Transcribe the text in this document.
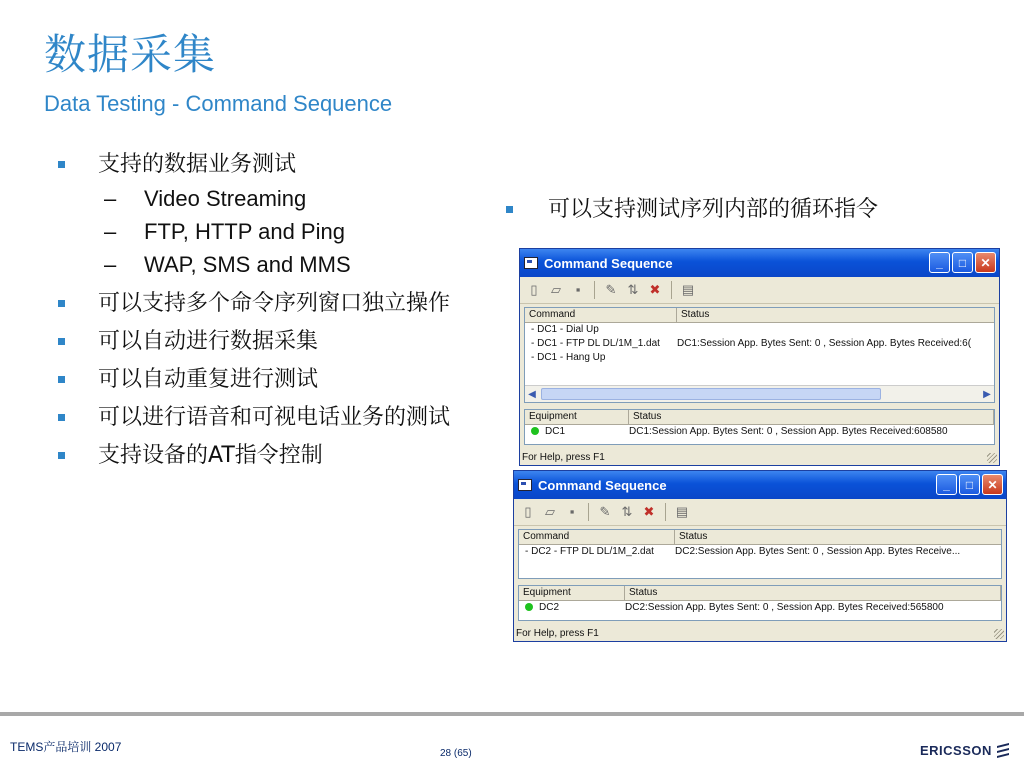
数据采集
Data Testing - Command Sequence
支持的数据业务测试
– Video Streaming
– FTP, HTTP and Ping
– WAP, SMS and MMS
可以支持多个命令序列窗口独立操作
可以自动进行数据采集
可以自动重复进行测试
可以进行语音和可视电话业务的测试
支持设备的AT指令控制
可以支持测试序列内部的循环指令
Command Sequence	_	□	✕
▯	▱	▪	✎ ⇅ ✖ ▤
Command	Status
- DC1 - Dial Up
- DC1 - FTP DL DL/1M_1.dat	DC1:Session App. Bytes Sent: 0 , Session App. Bytes Received:6(
- DC1 - Hang Up
◀	▶
Equipment	Status
DC1	DC1:Session App. Bytes Sent: 0 , Session App. Bytes Received:608580
For Help, press F1
Command Sequence	_	□	✕
▯	▱	▪	✎ ⇅ ✖ ▤
Command	Status
- DC2 - FTP DL DL/1M_2.dat	DC2:Session App. Bytes Sent: 0 , Session App. Bytes Receive...
Equipment	Status
DC2	DC2:Session App. Bytes Sent: 0 , Session App. Bytes Received:565800
For Help, press F1
TEMS产品培训 2007	28 (65)	ERICSSON
